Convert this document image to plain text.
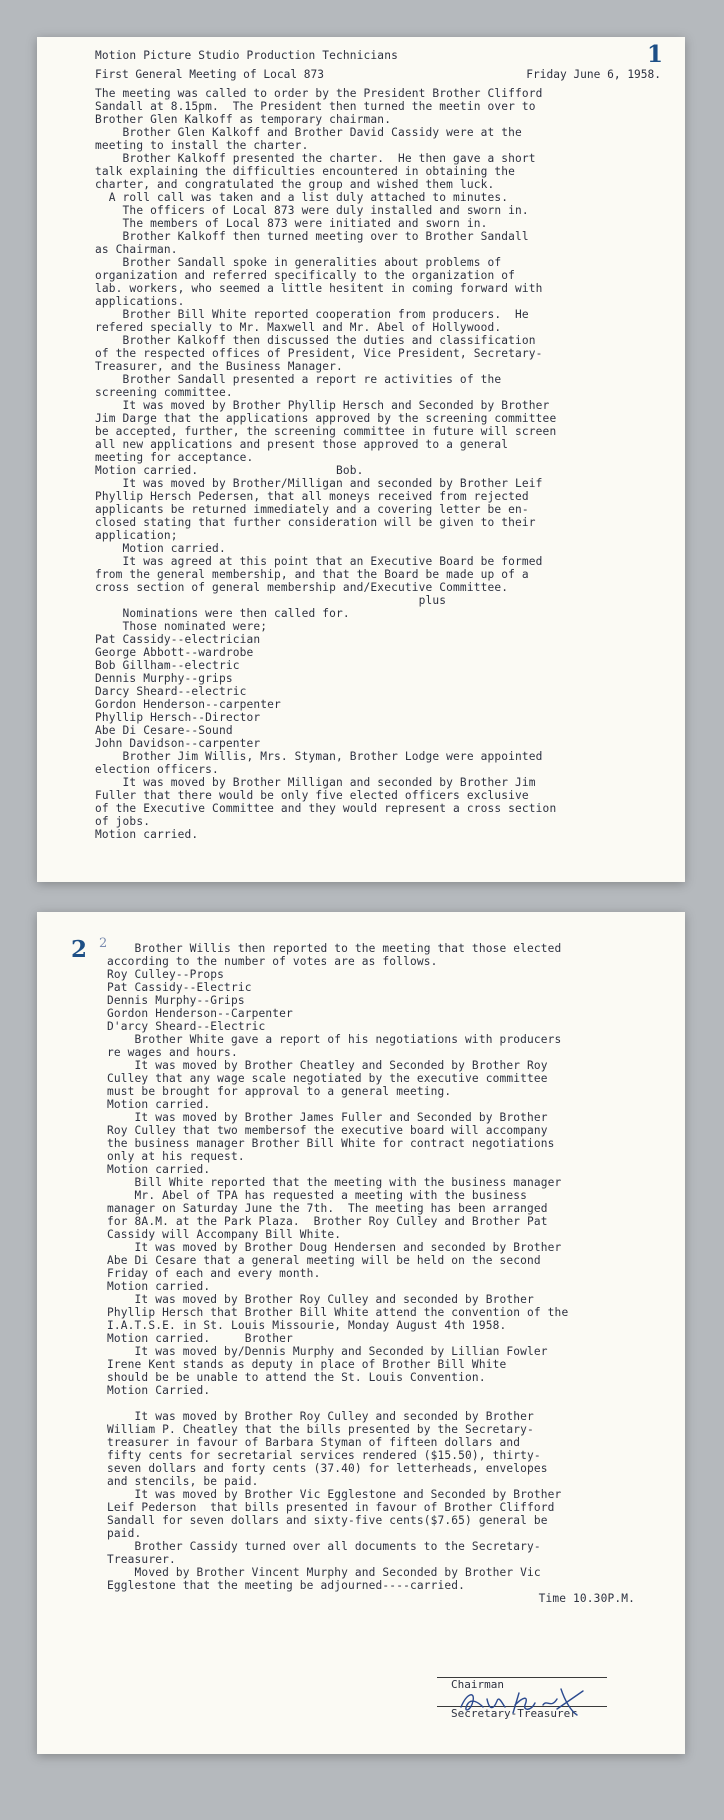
1
Motion Picture Studio Production Technicians
First General Meeting of Local 873	Friday June 6, 1958.
The meeting was called to order by the President Brother Clifford
Sandall at 8.15pm.  The President then turned the meetin over to
Brother Glen Kalkoff as temporary chairman.
Brother Glen Kalkoff and Brother David Cassidy were at the
meeting to install the charter.
Brother Kalkoff presented the charter.  He then gave a short
talk explaining the difficulties encountered in obtaining the
charter, and congratulated the group and wished them luck.
A roll call was taken and a list duly attached to minutes.
The officers of Local 873 were duly installed and sworn in.
The members of Local 873 were initiated and sworn in.
Brother Kalkoff then turned meeting over to Brother Sandall
as Chairman.
Brother Sandall spoke in generalities about problems of
organization and referred specifically to the organization of
lab. workers, who seemed a little hesitent in coming forward with
applications.
Brother Bill White reported cooperation from producers.  He
refered specially to Mr. Maxwell and Mr. Abel of Hollywood.
Brother Kalkoff then discussed the duties and classification
of the respected offices of President, Vice President, Secretary-
Treasurer, and the Business Manager.
Brother Sandall presented a report re activities of the
screening committee.
It was moved by Brother Phyllip Hersch and Seconded by Brother
Jim Darge that the applications approved by the screening committee
be accepted, further, the screening committee in future will screen
all new applications and present those approved to a general
meeting for acceptance.
Motion carried.                    Bob.
It was moved by Brother/Milligan and seconded by Brother Leif
Phyllip Hersch Pedersen, that all moneys received from rejected
applicants be returned immediately and a covering letter be en-
closed stating that further consideration will be given to their
application;
Motion carried.
It was agreed at this point that an Executive Board be formed
from the general membership, and that the Board be made up of a
cross section of general membership and/Executive Committee.
plus
Nominations were then called for.
Those nominated were;
Pat Cassidy--electrician
George Abbott--wardrobe
Bob Gillham--electric
Dennis Murphy--grips
Darcy Sheard--electric
Gordon Henderson--carpenter
Phyllip Hersch--Director
Abe Di Cesare--Sound
John Davidson--carpenter
Brother Jim Willis, Mrs. Styman, Brother Lodge were appointed
election officers.
It was moved by Brother Milligan and seconded by Brother Jim
Fuller that there would be only five elected officers exclusive
of the Executive Committee and they would represent a cross section
of jobs.
Motion carried.
2 2 Brother Willis then reported to the meeting that those elected
according to the number of votes are as follows.
Roy Culley--Props
Pat Cassidy--Electric
Dennis Murphy--Grips
Gordon Henderson--Carpenter
D'arcy Sheard--Electric
Brother White gave a report of his negotiations with producers
re wages and hours.
It was moved by Brother Cheatley and Seconded by Brother Roy
Culley that any wage scale negotiated by the executive committee
must be brought for approval to a general meeting.
Motion carried.
It was moved by Brother James Fuller and Seconded by Brother
Roy Culley that two membersof the executive board will accompany
the business manager Brother Bill White for contract negotiations
only at his request.
Motion carried.
Bill White reported that the meeting with the business manager
Mr. Abel of TPA has requested a meeting with the business
manager on Saturday June the 7th.  The meeting has been arranged
for 8A.M. at the Park Plaza.  Brother Roy Culley and Brother Pat
Cassidy will Accompany Bill White.
It was moved by Brother Doug Hendersen and seconded by Brother
Abe Di Cesare that a general meeting will be held on the second
Friday of each and every month.
Motion carried.
It was moved by Brother Roy Culley and seconded by Brother
Phyllip Hersch that Brother Bill White attend the convention of the
I.A.T.S.E. in St. Louis Missourie, Monday August 4th 1958.
Motion carried.     Brother
It was moved by/Dennis Murphy and Seconded by Lillian Fowler
Irene Kent stands as deputy in place of Brother Bill White
should be be unable to attend the St. Louis Convention.
Motion Carried.
It was moved by Brother Roy Culley and seconded by Brother
William P. Cheatley that the bills presented by the Secretary-
treasurer in favour of Barbara Styman of fifteen dollars and
fifty cents for secretarial services rendered ($15.50), thirty-
seven dollars and forty cents (37.40) for letterheads, envelopes
and stencils, be paid.
It was moved by Brother Vic Egglestone and Seconded by Brother
Leif Pederson  that bills presented in favour of Brother Clifford
Sandall for seven dollars and sixty-five cents($7.65) general be
paid.
Brother Cassidy turned over all documents to the Secretary-
Treasurer.
Moved by Brother Vincent Murphy and Seconded by Brother Vic
Egglestone that the meeting be adjourned----carried.
Time 10.30P.M.
Chairman
Secretary-Treasurer
